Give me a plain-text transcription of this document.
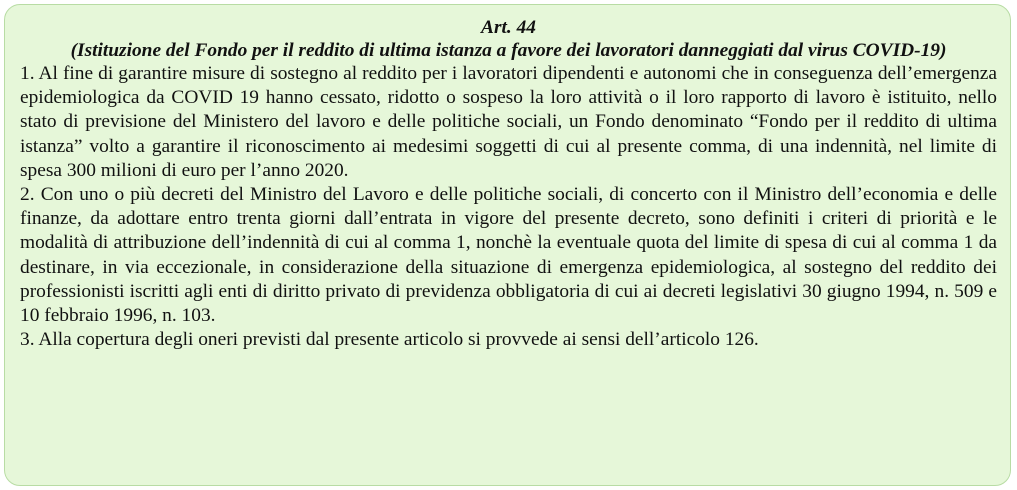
Art. 44

(Istituzione del Fondo per il reddito di ultima istanza a favore dei lavoratori danneggiati dal virus COVID-19)

1. Al fine di garantire misure di sostegno al reddito per i lavoratori dipendenti e autonomi che in conseguenza dell’emergenza epidemiologica da COVID 19 hanno cessato, ridotto o sospeso la loro attività o il loro rapporto di lavoro è istituito, nello stato di previsione del Ministero del lavoro e delle politiche sociali, un Fondo denominato “Fondo per il reddito di ultima istanza” volto a garantire il riconoscimento ai medesimi soggetti di cui al presente comma, di una indennità, nel limite di spesa 300 milioni di euro per l’anno 2020.

2. Con uno o più decreti del Ministro del Lavoro e delle politiche sociali, di concerto con il Ministro dell’economia e delle finanze, da adottare entro trenta giorni dall’entrata in vigore del presente decreto, sono definiti i criteri di priorità e le modalità di attribuzione dell’indennità di cui al comma 1, nonchè la eventuale quota del limite di spesa di cui al comma 1 da destinare, in via eccezionale, in considerazione della situazione di emergenza epidemiologica, al sostegno del reddito dei professionisti iscritti agli enti di diritto privato di previdenza obbligatoria di cui ai decreti legislativi 30 giugno 1994, n. 509 e 10 febbraio 1996, n. 103.

3. Alla copertura degli oneri previsti dal presente articolo si provvede ai sensi dell’articolo 126.
